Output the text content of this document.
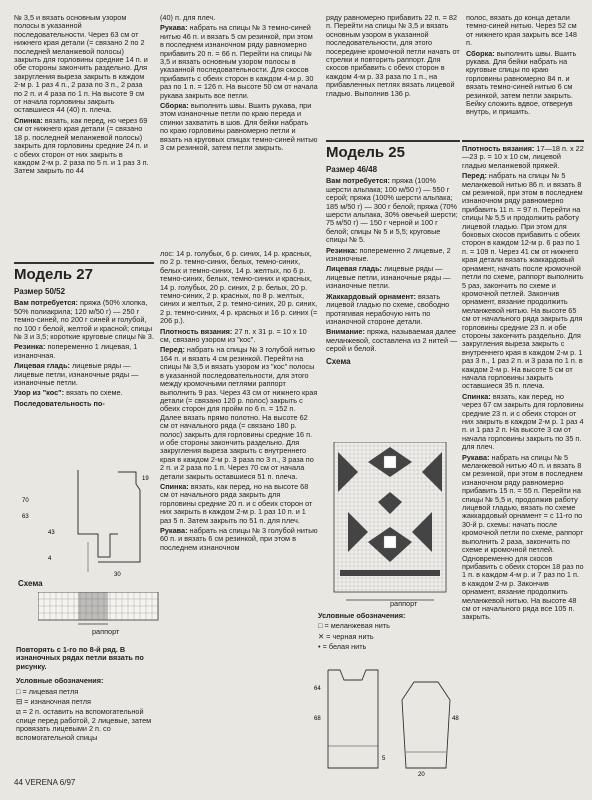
№ 3,5 и вязать основным узором полосы в указанной последовательности. Через 63 см от нижнего края детали (= связано 2 по 2 последней меланжевой полосы) закрыть для горловины средние 14 п. и обе стороны закончить раздельно. Для закругления выреза закрыть в каждом 2-м р. 1 раз 4 п., 2 раза по 3 п., 2 раза по 2 п. и 4 раза по 1 п. На высоте 9 см от начала горловины закрыть оставшиеся 44 (40) п. плеча.

Спинка: вязать, как перед, но через 69 см от нижнего края детали (= связано 18 р. последней меланжевой полосы) закрыть для горловины средние 24 п. и с обеих сторон от них закрыть в каждом 2-м р. 2 раза по 5 п. и 1 раз 3 п. Затем закрыть по 44

(40) п. для плеч.

Рукава: набрать на спицы № 3 темно-синей нитью 46 п. и вязать 5 см резинкой, при этом в последнем изнаночном ряду равномерно прибавить 20 п. = 66 п. Перейти на спицы № 3,5 и вязать основным узором полосы в указанной последовательности. Для скосов прибавить с обеих сторон в каждом 4-м р. 30 раз по 1 п. = 126 п. На высоте 50 см от начала рукава закрыть все петли.

Сборка: выполнить швы. Вшить рукава, при этом изнаночные петли по краю переда и спинки захватить в шов. Для бейки набрать по краю горловины равномерно петли и вязать на круговых спицах темно-синей нитью 3 см резинкой, затем петли закрыть.

ряду равномерно прибавить 22 п. = 82 п. Перейти на спицы № 3,5 и вязать основным узором в указанной последовательности, для этого посередине кромочной петли начать от стрелки и повторить раппорт. Для скосов прибавить с обеих сторон в каждом 4-м р. 33 раза по 1 п., на прибавленных петлях вязать лицевой гладью. Выполнив 136 р.

полос, вязать до конца детали темно-синей нитью. Через 52 см от нижнего края закрыть все 148 п.

Сборка: выполнить швы. Вшить рукава. Для бейки набрать на круговые спицы по краю горловины равномерно 84 п. и вязать темно-синей нитью 6 см резинкой, затем петли закрыть. Бейку сложить вдвое, отвернув внутрь, и пришить.

Модель 27
Размер 50/52

Вам потребуется: пряжа (50% хлопка, 50% полиакрила; 120 м/50 г) — 250 г темно-синей, по 200 г синей и голубой, по 100 г белой, желтой и красной; спицы № 3 и 3,5; короткие круговые спицы № 3.

Резинка: попеременно 1 лицевая, 1 изнаночная.

Лицевая гладь: лицевые ряды — лицевые петли, изнаночные ряды — изнаночные петли.

Узор из "кос": вязать по схеме.

Последовательность по-

70
63
43
4
30
19
Схема
раппорт

Повторять с 1-го по 8-й ряд. В изнаночных рядах петли вязать по рисунку.

Условные обозначения:

□ = лицевая петля

⊟ = изнаночная петля

⧄ = 2 п. оставить на вспомогательной спице перед работой, 2 лицевые, затем провязать лицевыми 2 п. со вспомогательной спицы

лос: 14 р. голубых, 6 р. синих, 14 р. красных, по 2 р. темно-синих, белых, темно-синих, белых и темно-синих, 14 р. желтых, по 6 р. темно-синих, белых, темно-синих и красных, 14 р. голубых, 20 р. синих, 2 р. белых, 20 р. темно-синих, 2 р. красных, по 8 р. желтых, синих и желтых, 2 р. темно-синих, 20 р. синих, 2 р. темно-синих, 4 р. красных и 16 р. синих (= 206 р.).

Плотность вязания: 27 п. х 31 р. = 10 х 10 см, связано узором из "кос".

Перед: набрать на спицы № 3 голубой нитью 164 п. и вязать 4 см резинкой. Перейти на спицы № 3,5 и вязать узором из "кос" полосы в указанной последовательности, для этого между кромочными петлями раппорт выполнить 9 раз. Через 43 см от нижнего края детали (= связано 120 р. полос) закрыть с обеих сторон для пройм по 6 п. = 152 п. Далее вязать прямо полотно. На высоте 62 см от начального ряда (= связано 180 р. полос) закрыть для горловины средние 16 п. и обе стороны закончить раздельно. Для закругления выреза закрыть с внутреннего края в каждом 2-м р. 3 раза по 3 п., 3 раза по 2 п. и 2 раза по 1 п. Через 70 см от начала детали закрыть оставшиеся 51 п. плеча.

Спинка: вязать, как перед, но на высоте 68 см от начального ряда закрыть для горловины средние 20 п. и с обеих сторон от них закрыть в каждом 2-м р. 1 раз 10 п. и 1 раз 5 п. Затем закрыть по 51 п. для плеч.

Рукава: набрать на спицы № 3 голубой нитью 60 п. и вязать 6 см резинкой, при этом в последнем изнаночном

Модель 25
Размер 46/48

Вам потребуется: пряжа (100% шерсти альпака; 100 м/50 г) — 550 г серой; пряжа (100% шерсти альпака; 185 м/50 г) — 300 г белой; пряжа (70% шерсти альпака, 30% овечьей шерсти; 75 м/50 г) — 150 г черной и 100 г белой; спицы № 5 и 5,5; круговые спицы № 5.

Резинка: попеременно 2 лицевые, 2 изнаночные.

Лицевая гладь: лицевые ряды — лицевые петли, изнаночные ряды — изнаночные петли.

Жаккардовый орнамент: вязать лицевой гладью по схеме, свободно протягивая нерабочую нить по изнаночной стороне детали.

Внимание: пряжа, называемая далее меланжевой, составлена из 2 нитей — серой и белой.

Схема
раппорт

Условные обозначения:

□ = меланжевая нить

✕ = черная нить

• = белая нить

64
68
5
48
20

Плотность вязания: 17—18 п. х 22—23 р. = 10 х 10 см, лицевой гладью меланжевой пряжей.

Перед: набрать на спицы № 5 меланжевой нитью 86 п. и вязать 8 см резинкой, при этом в последнем изнаночном ряду равномерно прибавить 11 п. = 97 п. Перейти на спицы № 5,5 и продолжить работу лицевой гладью. При этом для боковых скосов прибавить с обеих сторон в каждом 12-м р. 6 раз по 1 п. = 109 п. Через 41 см от нижнего края детали вязать жаккардовый орнамент, начать после кромочной петли по схеме, раппорт выполнить 5 раз, закончить по схеме и кромочной петлей. Закончив орнамент, вязание продолжить меланжевой нитью. На высоте 65 см от начального ряда закрыть для горловины средние 23 п. и обе стороны закончить раздельно. Для закругления выреза закрыть с внутреннего края в каждом 2-м р. 1 раз 3 п., 1 раз 2 п. и 3 раза по 1 п. в каждом 2-м р. На высоте 5 см от начала горловины закрыть оставшиеся 35 п. плеча.

Спинка: вязать, как перед, но через 67 см закрыть для горловины средние 23 п. и с обеих сторон от них закрыть в каждом 2-м р. 1 раз 4 п. и 1 раз 2 п. На высоте 3 см от начала горловины закрыть по 35 п. для плеч.

Рукава: набрать на спицы № 5 меланжевой нитью 40 п. и вязать 8 см резинкой, при этом в последнем изнаночном ряду равномерно прибавить 15 п. = 55 п. Перейти на спицы № 5,5 и, продолжив работу лицевой гладью, вязать по схеме жаккардовый орнамент = с 11-го по 30-й р. схемы: начать после кромочной петли по схеме, раппорт выполнить 2 раза, закончить по схеме и кромочной петлей. Одновременно для скосов прибавить с обеих сторон 18 раз по 1 п. в каждом 4-м р. и 7 раз по 1 п. в каждом 2-м р. Закончив орнамент, вязание продолжить меланжевой нитью. На высоте 48 см от начального ряда все 105 п. закрыть.

44 VERENA 6/97
